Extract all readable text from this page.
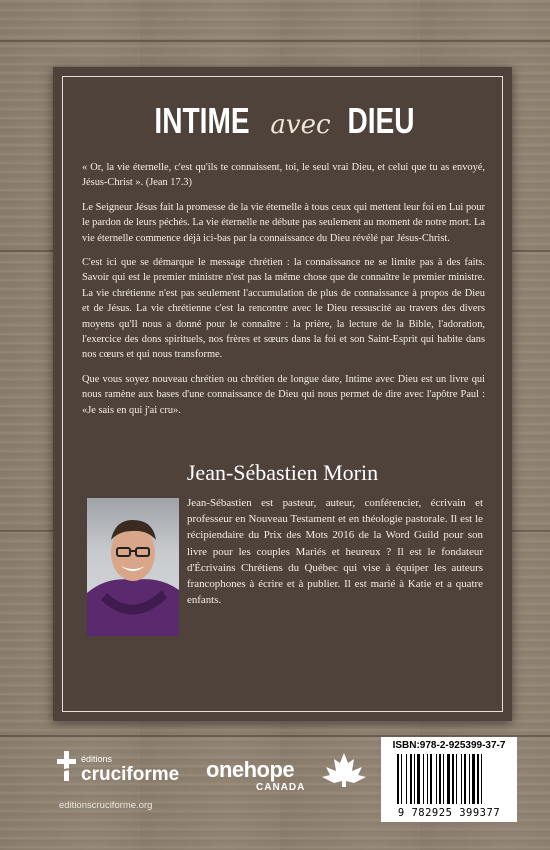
INTIME avec DIEU

« Or, la vie éternelle, c'est qu'ils te connaissent, toi, le seul vrai Dieu, et celui que tu as envoyé, Jésus-Christ ». (Jean 17.3)

Le Seigneur Jésus fait la promesse de la vie éternelle à tous ceux qui mettent leur foi en Lui pour le pardon de leurs péchés. La vie éternelle ne débute pas seulement au moment de notre mort. La vie éternelle commence déjà ici-bas par la connaissance du Dieu révélé par Jésus-Christ.

C'est ici que se démarque le message chrétien : la connaissance ne se limite pas à des faits. Savoir qui est le premier ministre n'est pas la même chose que de connaître le premier ministre. La vie chrétienne n'est pas seulement l'accumulation de plus de connaissance à propos de Dieu et de Jésus. La vie chrétienne c'est la rencontre avec le Dieu ressuscité au travers des divers moyens qu'Il nous a donné pour le connaître : la prière, la lecture de la Bible, l'adoration, l'exercice des dons spirituels, nos frères et sœurs dans la foi et son Saint-Esprit qui habite dans nos cœurs et qui nous transforme.

Que vous soyez nouveau chrétien ou chrétien de longue date, Intime avec Dieu est un livre qui nous ramène aux bases d'une connaissance de Dieu qui nous permet de dire avec l'apôtre Paul : «Je sais en qui j'ai cru».

Jean-Sébastien Morin
Jean-Sébastien est pasteur, auteur, conférencier, écrivain et professeur en Nouveau Testament et en théologie pastorale. Il est le récipiendaire du Prix des Mots 2016 de la Word Guild pour son livre pour les couples Mariés et heureux ? Il est le fondateur d'Écrivains Chrétiens du Québec qui vise à équiper les auteurs francophones à écrire et à publier. Il est marié à Katie et a quatre enfants.
éditions
cruciforme
editionscruciforme.org
onehope
CANADA
ISBN:978-2-925399-37-7
9 782925 399377
